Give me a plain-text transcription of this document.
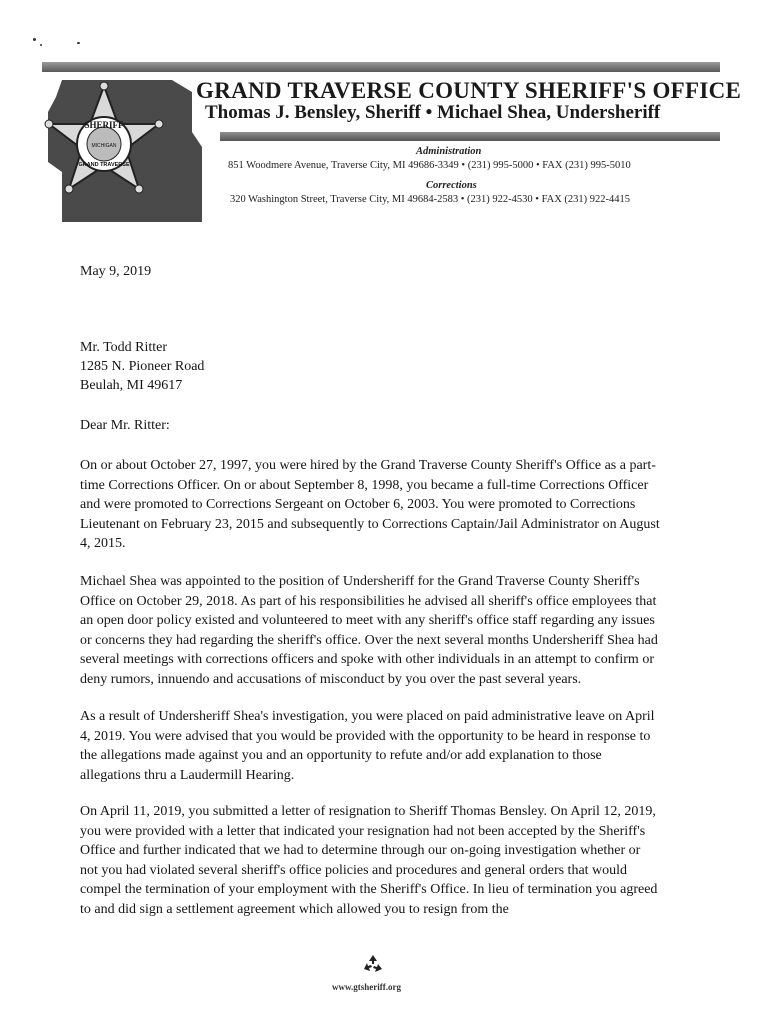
SHERIFF
MICHIGAN
GRAND TRAVERSE
GRAND TRAVERSE COUNTY SHERIFF'S OFFICE
Thomas J. Bensley, Sheriff • Michael Shea, Undersheriff
Administration
851 Woodmere Avenue, Traverse City, MI 49686-3349 • (231) 995-5000 • FAX (231) 995-5010
Corrections
320 Washington Street, Traverse City, MI 49684-2583 • (231) 922-4530 • FAX (231) 922-4415
May 9, 2019
Mr. Todd Ritter
1285 N. Pioneer Road
Beulah, MI 49617
Dear Mr. Ritter:
On or about October 27, 1997, you were hired by the Grand Traverse County Sheriff's Office as a part-time Corrections Officer. On or about September 8, 1998, you became a full-time Corrections Officer and were promoted to Corrections Sergeant on October 6, 2003. You were promoted to Corrections Lieutenant on February 23, 2015 and subsequently to Corrections Captain/Jail Administrator on August 4, 2015.
Michael Shea was appointed to the position of Undersheriff for the Grand Traverse County Sheriff's Office on October 29, 2018. As part of his responsibilities he advised all sheriff's office employees that an open door policy existed and volunteered to meet with any sheriff's office staff regarding any issues or concerns they had regarding the sheriff's office. Over the next several months Undersheriff Shea had several meetings with corrections officers and spoke with other individuals in an attempt to confirm or deny rumors, innuendo and accusations of misconduct by you over the past several years.
As a result of Undersheriff Shea's investigation, you were placed on paid administrative leave on April 4, 2019. You were advised that you would be provided with the opportunity to be heard in response to the allegations made against you and an opportunity to refute and/or add explanation to those allegations thru a Laudermill Hearing.
On April 11, 2019, you submitted a letter of resignation to Sheriff Thomas Bensley. On April 12, 2019, you were provided with a letter that indicated your resignation had not been accepted by the Sheriff's Office and further indicated that we had to determine through our on-going investigation whether or not you had violated several sheriff's office policies and procedures and general orders that would compel the termination of your employment with the Sheriff's Office. In lieu of termination you agreed to and did sign a settlement agreement which allowed you to resign from the
www.gtsheriff.org
